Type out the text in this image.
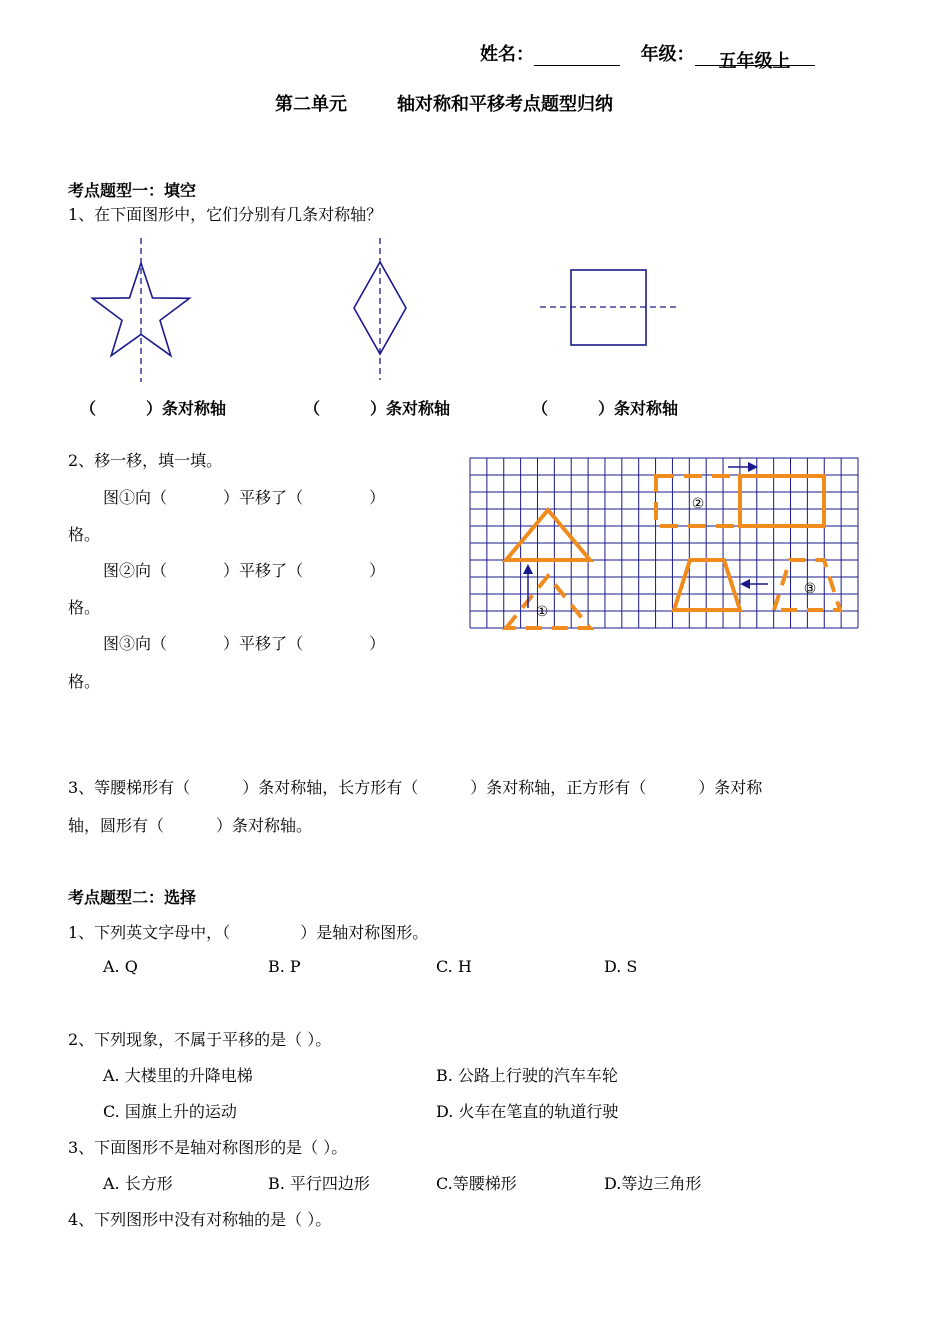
姓名：	年级： 五年级上
第二单元	轴对称和平移考点题型归纳
考点题型一：填空
1、在下面图形中，它们分别有几条对称轴？
（	）条对称轴	（	）条对称轴	（	）条对称轴
2、移一移，填一填。
图①向（	）平移了（	）
格。
图②向（	）平移了（	）
格。
图③向（	）平移了（	）
格。
①
②
③
3、等腰梯形有（	）条对称轴，长方形有（	）条对称轴，正方形有（	）条对称
轴，圆形有（	）条对称轴。
考点题型二：选择
1、下列英文字母中，（	）是轴对称图形。
A. Q	B. P	C. H	D. S
2、下列现象，不属于平移的是（ ）。
A. 大楼里的升降电梯	B. 公路上行驶的汽车车轮
C. 国旗上升的运动	D. 火车在笔直的轨道行驶
3、下面图形不是轴对称图形的是（ ）。
A. 长方形	B. 平行四边形	C.等腰梯形	D.等边三角形
4、下列图形中没有对称轴的是（ ）。
